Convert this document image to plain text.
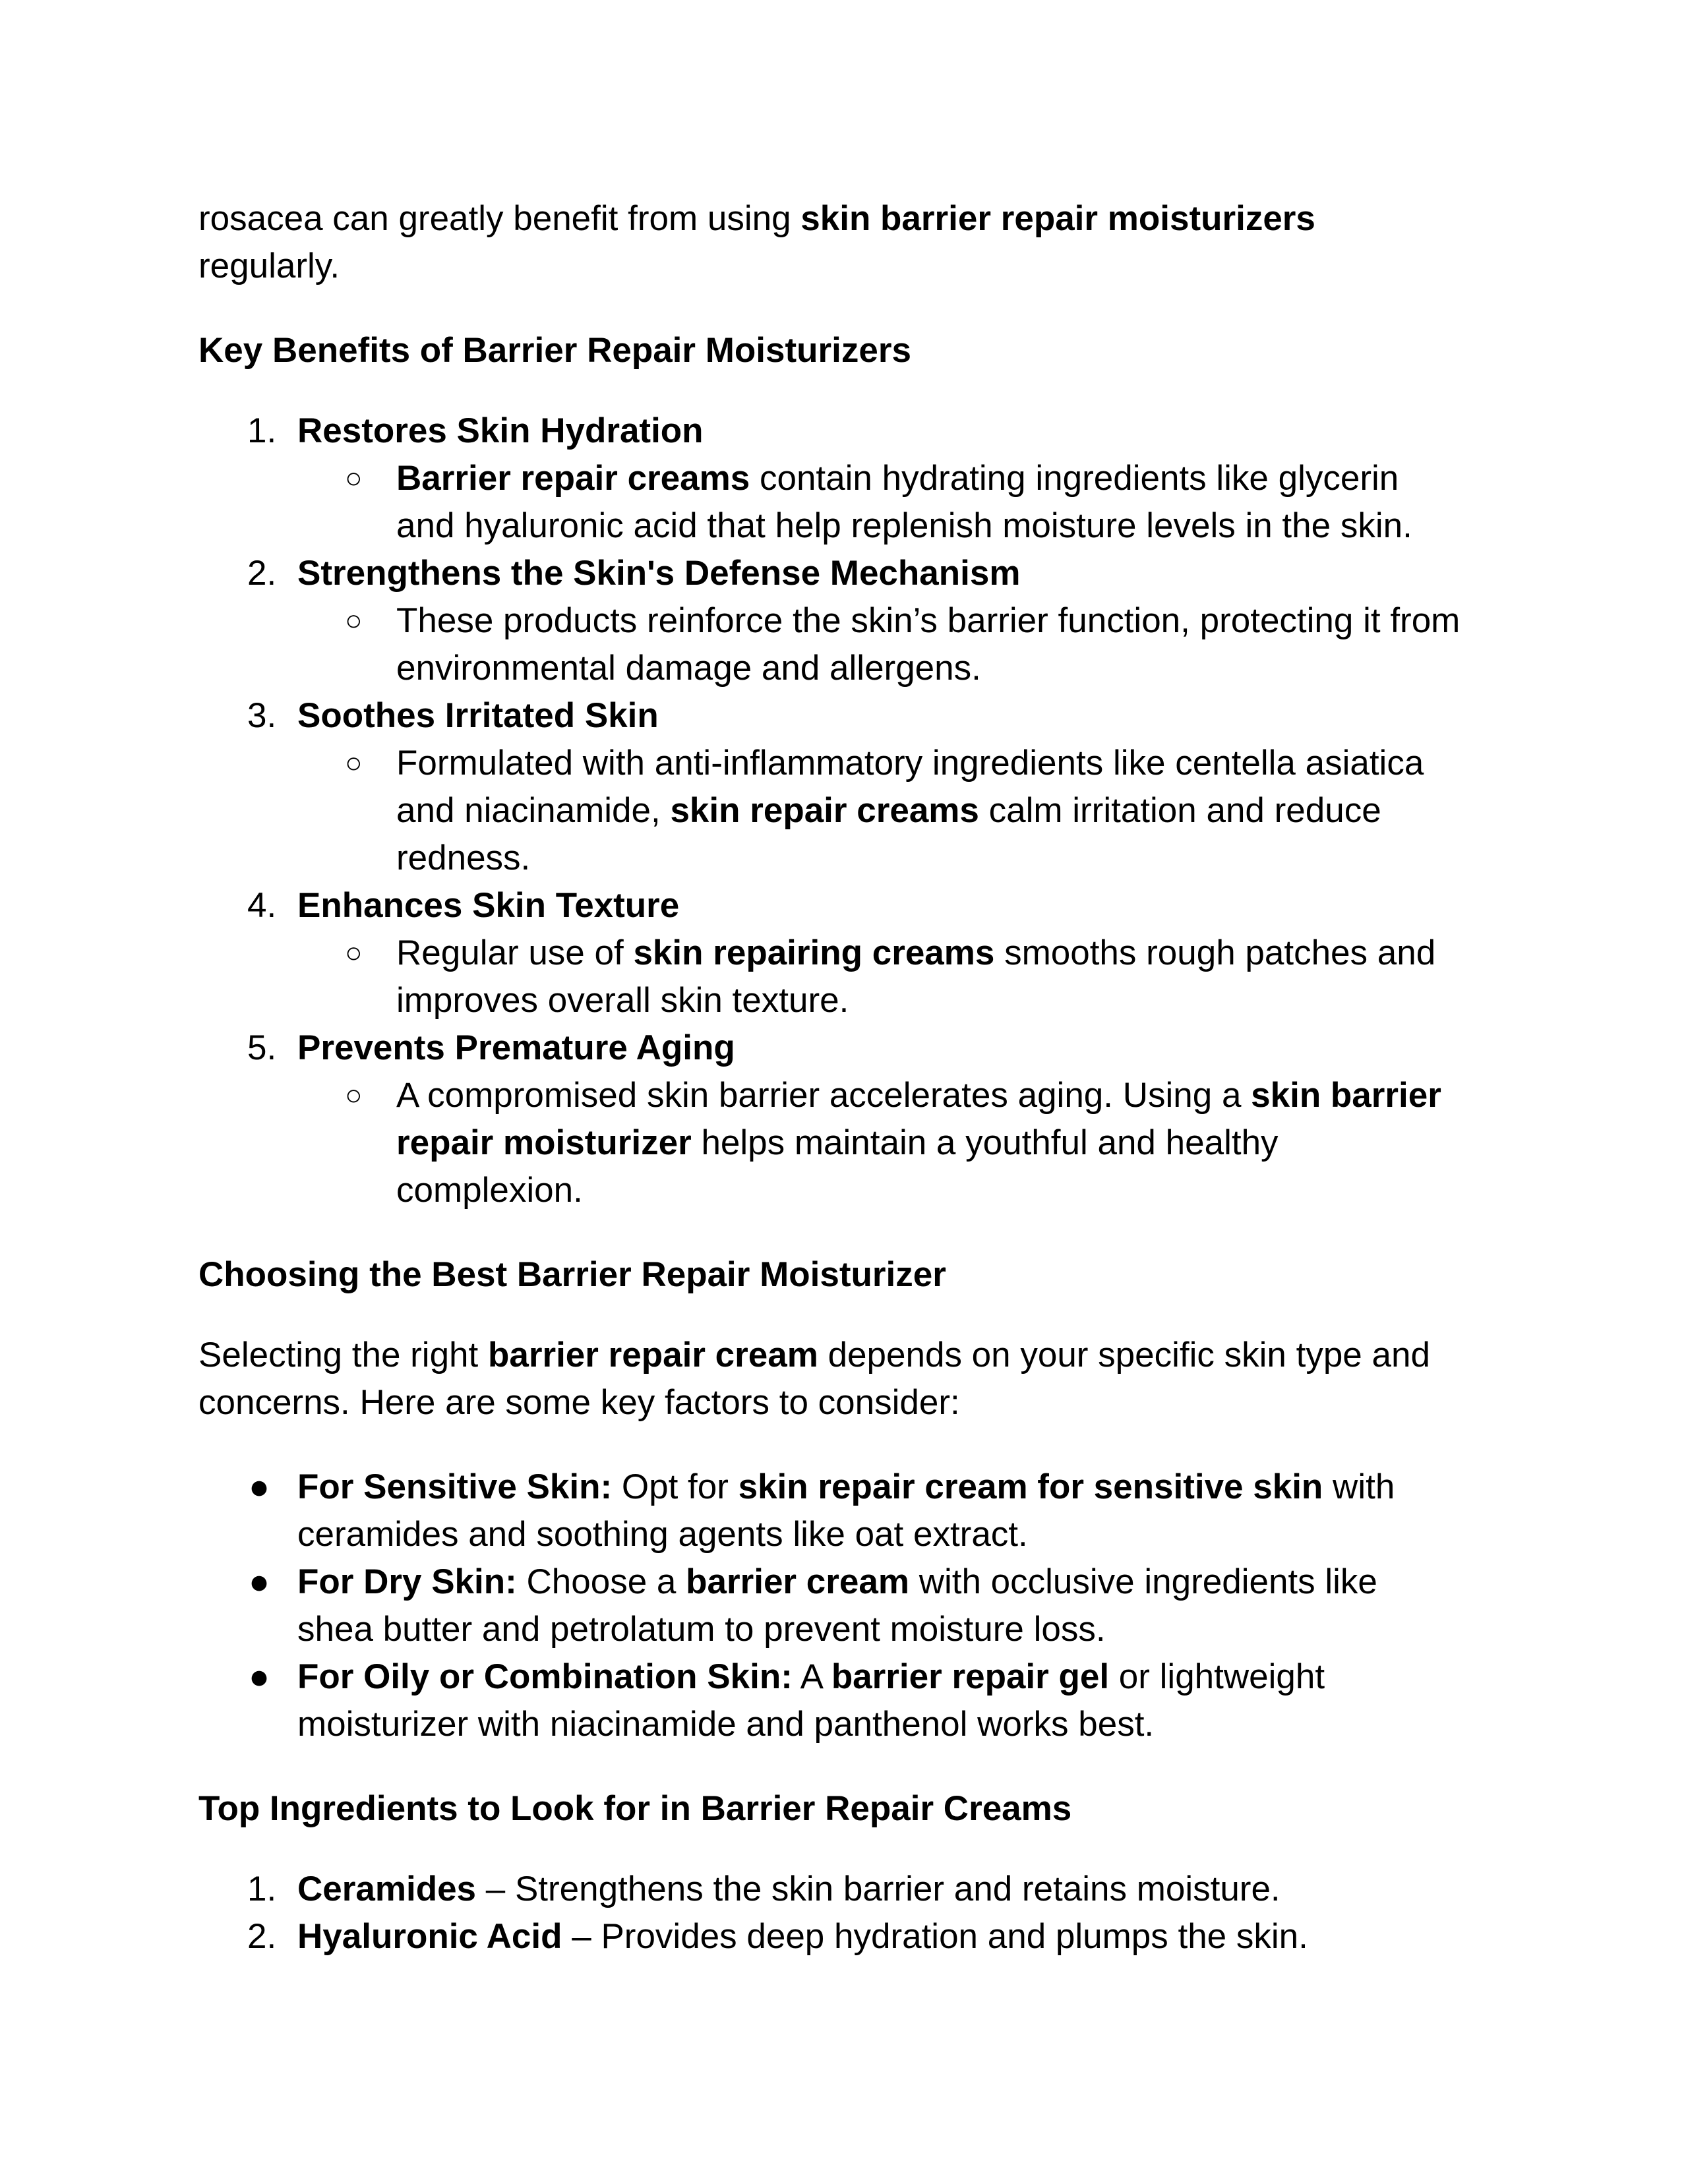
rosacea can greatly benefit from using skin barrier repair moisturizers
regularly.

Key Benefits of Barrier Repair Moisturizers

1. Restores Skin Hydration
○ Barrier repair creams contain hydrating ingredients like glycerin
and hyaluronic acid that help replenish moisture levels in the skin.
2. Strengthens the Skin's Defense Mechanism
○ These products reinforce the skin’s barrier function, protecting it from
environmental damage and allergens.
3. Soothes Irritated Skin
○ Formulated with anti-inflammatory ingredients like centella asiatica
and niacinamide, skin repair creams calm irritation and reduce
redness.
4. Enhances Skin Texture
○ Regular use of skin repairing creams smooths rough patches and
improves overall skin texture.
5. Prevents Premature Aging
○ A compromised skin barrier accelerates aging. Using a skin barrier
repair moisturizer helps maintain a youthful and healthy
complexion.

Choosing the Best Barrier Repair Moisturizer

Selecting the right barrier repair cream depends on your specific skin type and
concerns. Here are some key factors to consider:

● For Sensitive Skin: Opt for skin repair cream for sensitive skin with
ceramides and soothing agents like oat extract.
● For Dry Skin: Choose a barrier cream with occlusive ingredients like
shea butter and petrolatum to prevent moisture loss.
● For Oily or Combination Skin: A barrier repair gel or lightweight
moisturizer with niacinamide and panthenol works best.

Top Ingredients to Look for in Barrier Repair Creams

1. Ceramides – Strengthens the skin barrier and retains moisture.
2. Hyaluronic Acid – Provides deep hydration and plumps the skin.
